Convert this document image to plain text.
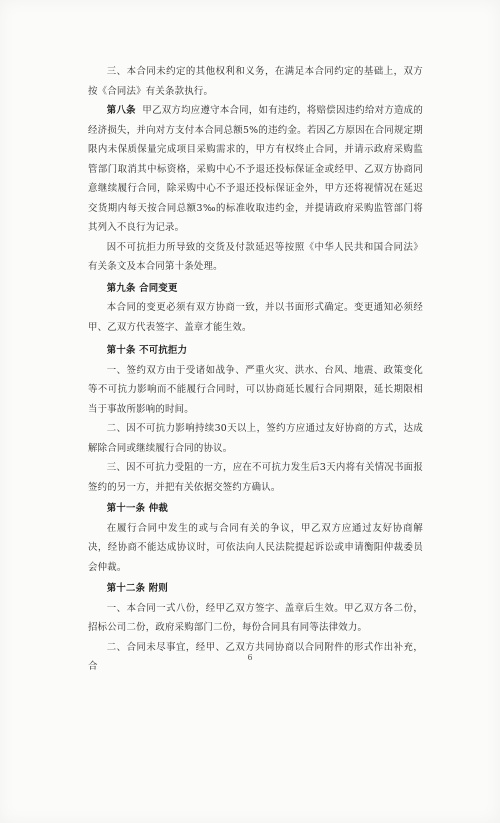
三、本合同未约定的其他权利和义务，在满足本合同约定的基础上，双方按《合同法》有关条款执行。

第八条 甲乙双方均应遵守本合同，如有违约，将赔偿因违约给对方造成的经济损失，并向对方支付本合同总额5%的违约金。若因乙方原因在合同规定期限内未保质保量完成项目采购需求的，甲方有权终止合同，并请示政府采购监管部门取消其中标资格，采购中心不予退还投标保证金或经甲、乙双方协商同意继续履行合同，除采购中心不予退还投标保证金外，甲方还将视情况在延迟交货期内每天按合同总额3‰的标准收取违约金，并提请政府采购监管部门将其列入不良行为记录。

因不可抗拒力所导致的交货及付款延迟等按照《中华人民共和国合同法》有关条文及本合同第十条处理。

第九条 合同变更

本合同的变更必须有双方协商一致，并以书面形式确定。变更通知必须经甲、乙双方代表签字、盖章才能生效。

第十条 不可抗拒力

一、签约双方由于受诸如战争、严重火灾、洪水、台风、地震、政策变化等不可抗力影响而不能履行合同时，可以协商延长履行合同期限，延长期限相当于事故所影响的时间。

二、因不可抗力影响持续30天以上，签约方应通过友好协商的方式，达成解除合同或继续履行合同的协议。

三、因不可抗力受阻的一方，应在不可抗力发生后3天内将有关情况书面报签约的另一方，并把有关依据交签约方确认。

第十一条 仲裁

在履行合同中发生的或与合同有关的争议，甲乙双方应通过友好协商解决，经协商不能达成协议时，可依法向人民法院提起诉讼或申请衡阳仲裁委员会仲裁。

第十二条 附则

一、本合同一式八份，经甲乙双方签字、盖章后生效。甲乙双方各二份，招标公司二份，政府采购部门二份，每份合同具有同等法律效力。

二、合同未尽事宜，经甲、乙双方共同协商以合同附件的形式作出补充，合

6
